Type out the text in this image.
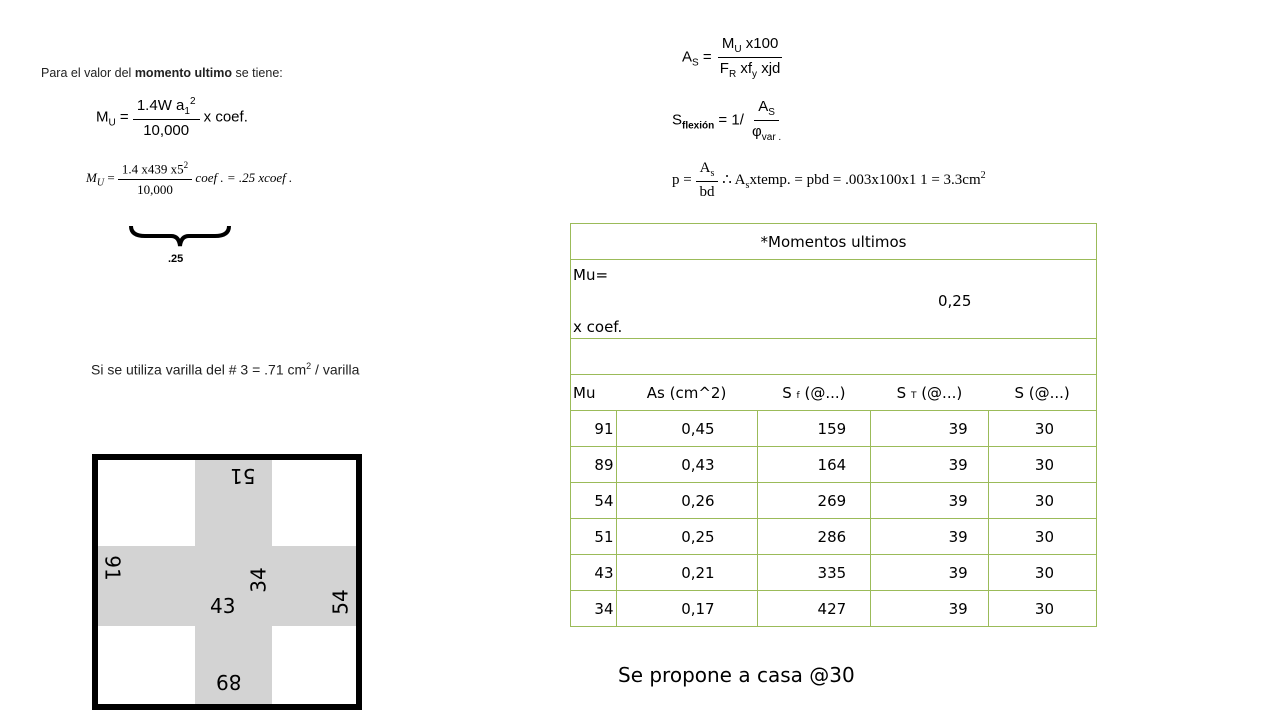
Para el valor del momento ultimo se tiene:
$M_U = \frac{1.4W a_1^2}{10,000}$ x coef.
$M_U = \frac{1.4 x439 x5^2}{10,000}$ coef . = .25 xcoef .
.25
Si se utiliza varilla del # 3 = .71 $cm^2$ / varilla
$A_S = \frac{M_U x100}{F_R xf_y xjd}$
$S_{flexión} = 1/ \frac{A_S}{\varphi_{var .}}$
$p = \frac{A_s}{bd}$ ∴ $A_sxtemp$. = pbd = .003x100x1 $1 = 3.3cm^2$
*Momentos ultimos				

Mu=
0,25
x coef.				

Mu	As (cm^2)	S f (@...)	S T (@...)	S (@...)
91	0,45	159	39	30
89	0,43	164	39	30
54	0,26	269	39	30
51	0,25	286	39	30
43	0,21	335	39	30
34	0,17	427	39	30
Se propone a casa @30
51
91
43
34
54
89
